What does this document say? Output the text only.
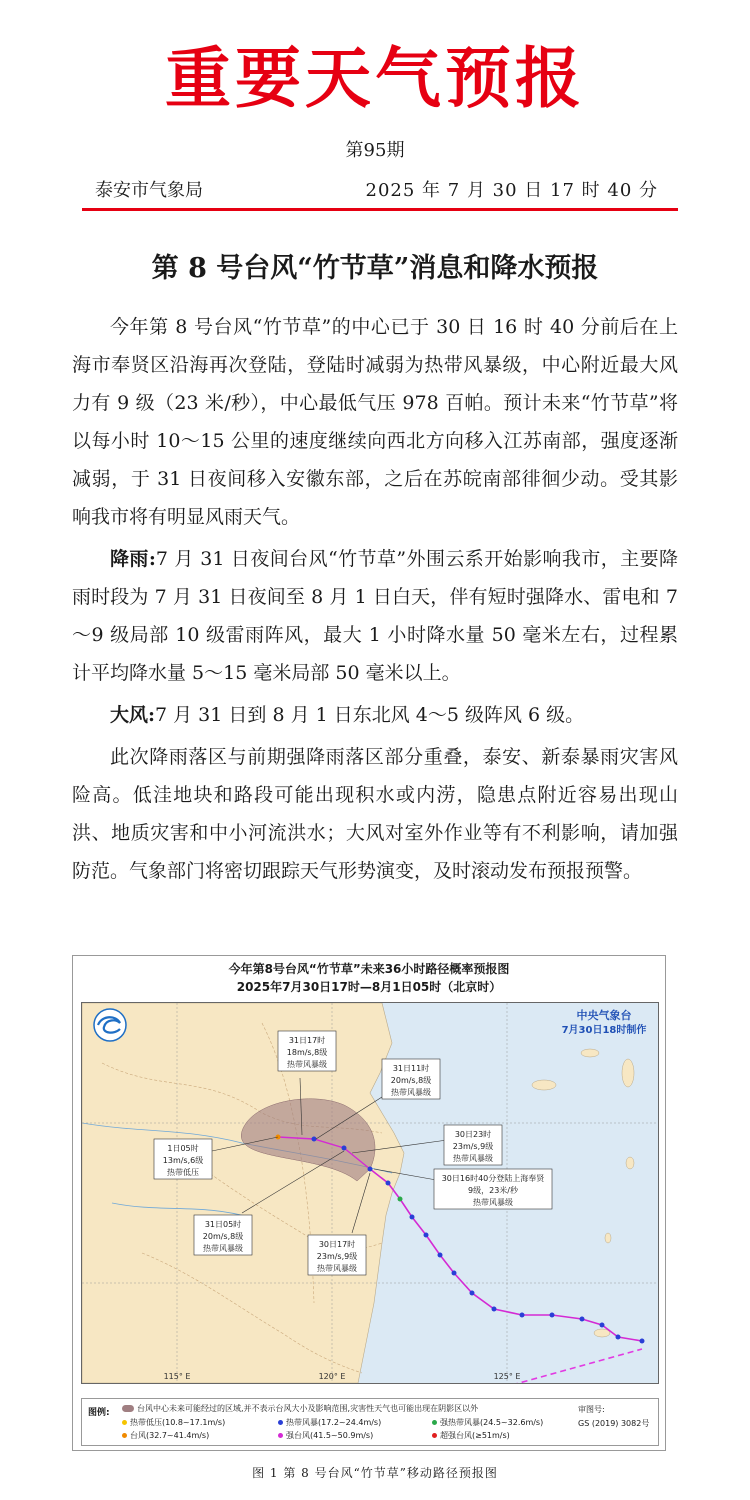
重要天气预报
第95期
泰安市气象局	2025 年 7 月 30 日 17 时 40 分
第 8 号台风“竹节草”消息和降水预报

今年第 8 号台风“竹节草”的中心已于 30 日 16 时 40 分前后在上海市奉贤区沿海再次登陆，登陆时减弱为热带风暴级，中心附近最大风力有 9 级（23 米/秒），中心最低气压 978 百帕。预计未来“竹节草”将以每小时 10～15 公里的速度继续向西北方向移入江苏南部，强度逐渐减弱，于 31 日夜间移入安徽东部，之后在苏皖南部徘徊少动。受其影响我市将有明显风雨天气。

降雨:7 月 31 日夜间台风“竹节草”外围云系开始影响我市，主要降雨时段为 7 月 31 日夜间至 8 月 1 日白天，伴有短时强降水、雷电和 7～9 级局部 10 级雷雨阵风，最大 1 小时降水量 50 毫米左右，过程累计平均降水量 5～15 毫米局部 50 毫米以上。

大风:7 月 31 日到 8 月 1 日东北风 4～5 级阵风 6 级。

此次降雨落区与前期强降雨落区部分重叠，泰安、新泰暴雨灾害风险高。低洼地块和路段可能出现积水或内涝，隐患点附近容易出现山洪、地质灾害和中小河流洪水；大风对室外作业等有不利影响，请加强防范。气象部门将密切跟踪天气形势演变，及时滚动发布预报预警。

今年第8号台风“竹节草”未来36小时路径概率预报图
2025年7月30日17时—8月1日05时（北京时）
31日17时
18m/s,8级
热带风暴级	31日11时
20m/s,8级
热带风暴级
30日23时
23m/s,9级
热带风暴级
1日05时
13m/s,6级
热带低压
30日16时40分登陆上海奉贤
9级，23米/秒
热带风暴级
31日05时
20m/s,8级
热带风暴级	30日17时
23m/s,9级
热带风暴级
中央气象台
7月30日18时制作
115° E	120° E	125° E
图例:	台风中心未来可能经过的区域,并不表示台风大小及影响范围,灾害性天气也可能出现在阴影区以外
热带低压(10.8~17.1m/s)	热带风暴(17.2~24.4m/s)	强热带风暴(24.5~32.6m/s)
台风(32.7~41.4m/s)	强台风(41.5~50.9m/s)	超强台风(≥51m/s)
审图号:
GS (2019) 3082号
图 1 第 8 号台风“竹节草”移动路径预报图
